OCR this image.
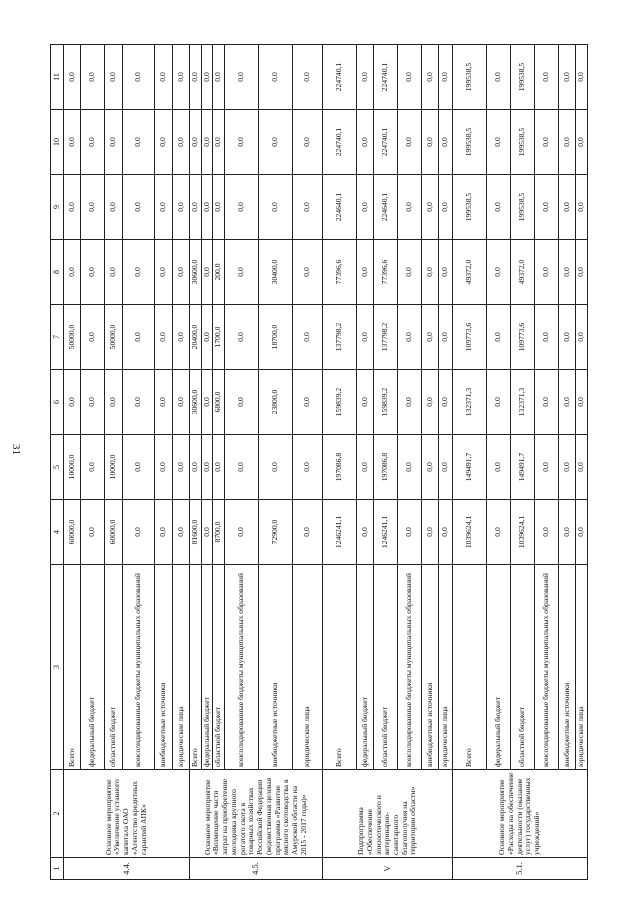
31
1	2	3	4	5	6	7	8	9	10	11
4.4.	Основное мероприятие «Увеличение уставного капитала ОАО «Агентство кредитных гарантий АПК»	Всего	60000,0	10000,0	0,0	50000,0	0,0	0,0	0,0	0,0
		федеральный бюджет	0,0	0,0	0,0	0,0	0,0	0,0	0,0	0,0
		областной бюджет	60000,0	10000,0	0,0	50000,0	0,0	0,0	0,0	0,0
		консолидированные бюджеты муниципальных образований	0,0	0,0	0,0	0,0	0,0	0,0	0,0	0,0
		внебюджетные источники	0,0	0,0	0,0	0,0	0,0	0,0	0,0	0,0
		юридические лица	0,0	0,0	0,0	0,0	0,0	0,0	0,0	0,0
4.5.	Основное мероприятие «Возмещение части затрат на приобретение молодняка крупного рогатого скота в товарных хозяйствах Российской Федерации (ведомственная целевая программа «Развитие мясного скотоводства в Амурской области на 2015 - 2017 годы)»	Всего	81600,0	0,0	30600,0	20400,0	30600,0	0,0	0,0	0,0
		федеральный бюджет	0,0	0,0	0,0	0,0	0,0	0,0	0,0	0,0
		областной бюджет	8700,0	0,0	6800,0	1700,0	200,0	0,0	0,0	0,0
		консолидированные бюджеты муниципальных образований	0,0	0,0	0,0	0,0	0,0	0,0	0,0	0,0
		внебюджетные источники	72900,0	0,0	23800,0	18700,0	30400,0	0,0	0,0	0,0
		юридические лица	0,0	0,0	0,0	0,0	0,0	0,0	0,0	0,0
V	Подпрограмма «Обеспечение эпизоотического и ветеринарно-санитарного благополучия на территории области»	Всего	1246241,1	197086,8	159839,2	137798,2	77396,6	224640,1	224740,1	224740,1
		федеральный бюджет	0,0	0,0	0,0	0,0	0,0	0,0	0,0	0,0
		областной бюджет	1246241,1	197086,8	159839,2	137798,2	77396,6	224640,1	224740,1	224740,1
		консолидированные бюджеты муниципальных образований	0,0	0,0	0,0	0,0	0,0	0,0	0,0	0,0
		внебюджетные источники	0,0	0,0	0,0	0,0	0,0	0,0	0,0	0,0
		юридические лица	0,0	0,0	0,0	0,0	0,0	0,0	0,0	0,0
5.1.	Основное мероприятие «Расходы на обеспечение деятельности (оказание услуг) государственных учреждений»	Всего	1039624,1	149491,7	132371,3	109773,6	49372,0	199538,5	199538,5	199538,5
		федеральный бюджет	0,0	0,0	0,0	0,0	0,0	0,0	0,0	0,0
		областной бюджет	1039624,1	149491,7	132371,3	109773,6	49372,0	199538,5	199538,5	199538,5
		консолидированные бюджеты муниципальных образований	0,0	0,0	0,0	0,0	0,0	0,0	0,0	0,0
		внебюджетные источники	0,0	0,0	0,0	0,0	0,0	0,0	0,0	0,0
		юридические лица	0,0	0,0	0,0	0,0	0,0	0,0	0,0	0,0
